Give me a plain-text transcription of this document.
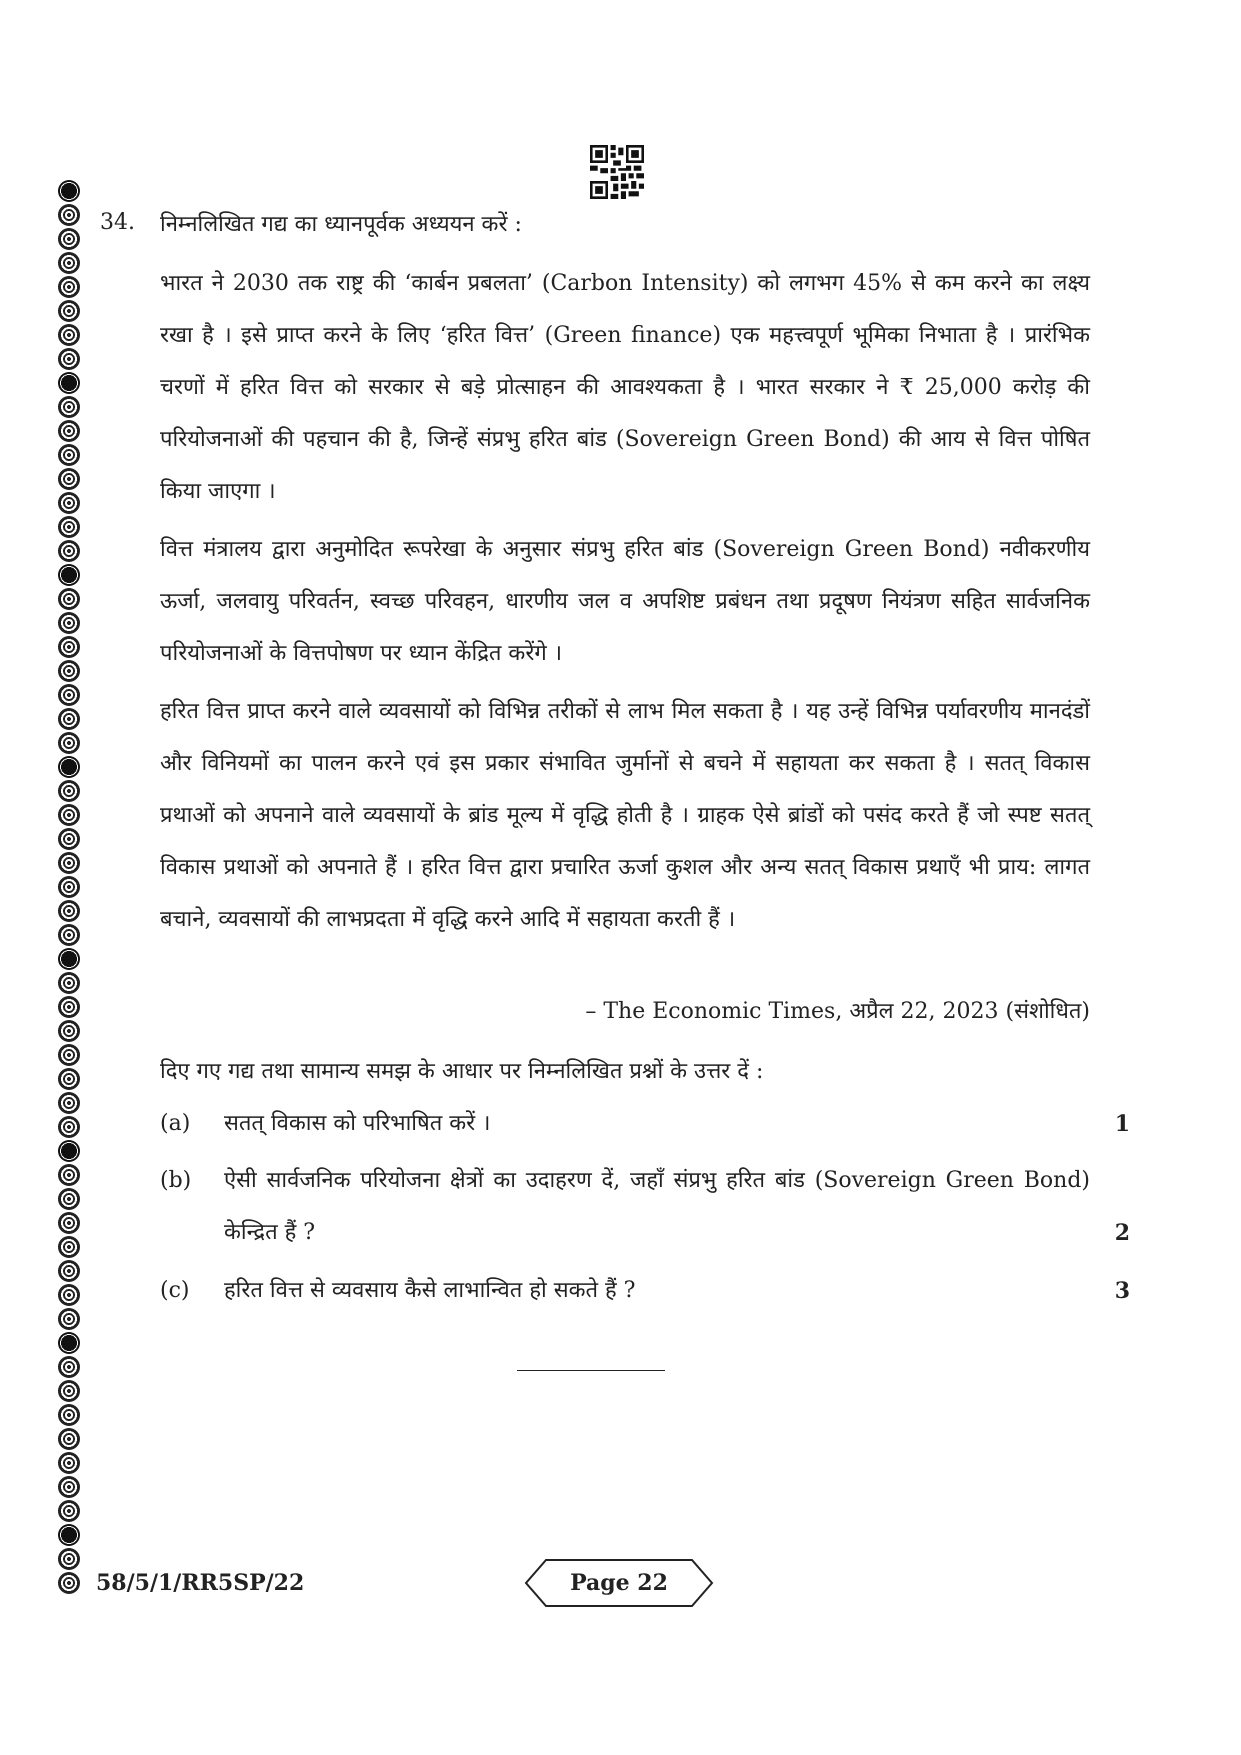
34. निम्नलिखित गद्य का ध्यानपूर्वक अध्ययन करें :

भारत ने 2030 तक राष्ट्र की ‘कार्बन प्रबलता’ (Carbon Intensity) को लगभग 45% से कम करने का लक्ष्य रखा है । इसे प्राप्त करने के लिए ‘हरित वित्त’ (Green finance) एक महत्त्वपूर्ण भूमिका निभाता है । प्रारंभिक चरणों में हरित वित्त को सरकार से बड़े प्रोत्साहन की आवश्यकता है । भारत सरकार ने ₹ 25,000 करोड़ की परियोजनाओं की पहचान की है, जिन्हें संप्रभु हरित बांड (Sovereign Green Bond) की आय से वित्त पोषित किया जाएगा ।

वित्त मंत्रालय द्वारा अनुमोदित रूपरेखा के अनुसार संप्रभु हरित बांड (Sovereign Green Bond) नवीकरणीय ऊर्जा, जलवायु परिवर्तन, स्वच्छ परिवहन, धारणीय जल व अपशिष्ट प्रबंधन तथा प्रदूषण नियंत्रण सहित सार्वजनिक परियोजनाओं के वित्तपोषण पर ध्यान केंद्रित करेंगे ।

हरित वित्त प्राप्त करने वाले व्यवसायों को विभिन्न तरीकों से लाभ मिल सकता है । यह उन्हें विभिन्न पर्यावरणीय मानदंडों और विनियमों का पालन करने एवं इस प्रकार संभावित जुर्मानों से बचने में सहायता कर सकता है । सतत् विकास प्रथाओं को अपनाने वाले व्यवसायों के ब्रांड मूल्य में वृद्धि होती है । ग्राहक ऐसे ब्रांडों को पसंद करते हैं जो स्पष्ट सतत् विकास प्रथाओं को अपनाते हैं । हरित वित्त द्वारा प्रचारित ऊर्जा कुशल और अन्य सतत् विकास प्रथाएँ भी प्राय: लागत बचाने, व्यवसायों की लाभप्रदता में वृद्धि करने आदि में सहायता करती हैं ।

– The Economic Times, अप्रैल 22, 2023 (संशोधित)
दिए गए गद्य तथा सामान्य समझ के आधार पर निम्नलिखित प्रश्नों के उत्तर दें :
(a) सतत् विकास को परिभाषित करें ।	1
(b) ऐसी सार्वजनिक परियोजना क्षेत्रों का उदाहरण दें, जहाँ संप्रभु हरित बांड (Sovereign Green Bond) केन्द्रित हैं ?	2
(c) हरित वित्त से व्यवसाय कैसे लाभान्वित हो सकते हैं ?	3
58/5/1/RR5SP/22	Page 22
